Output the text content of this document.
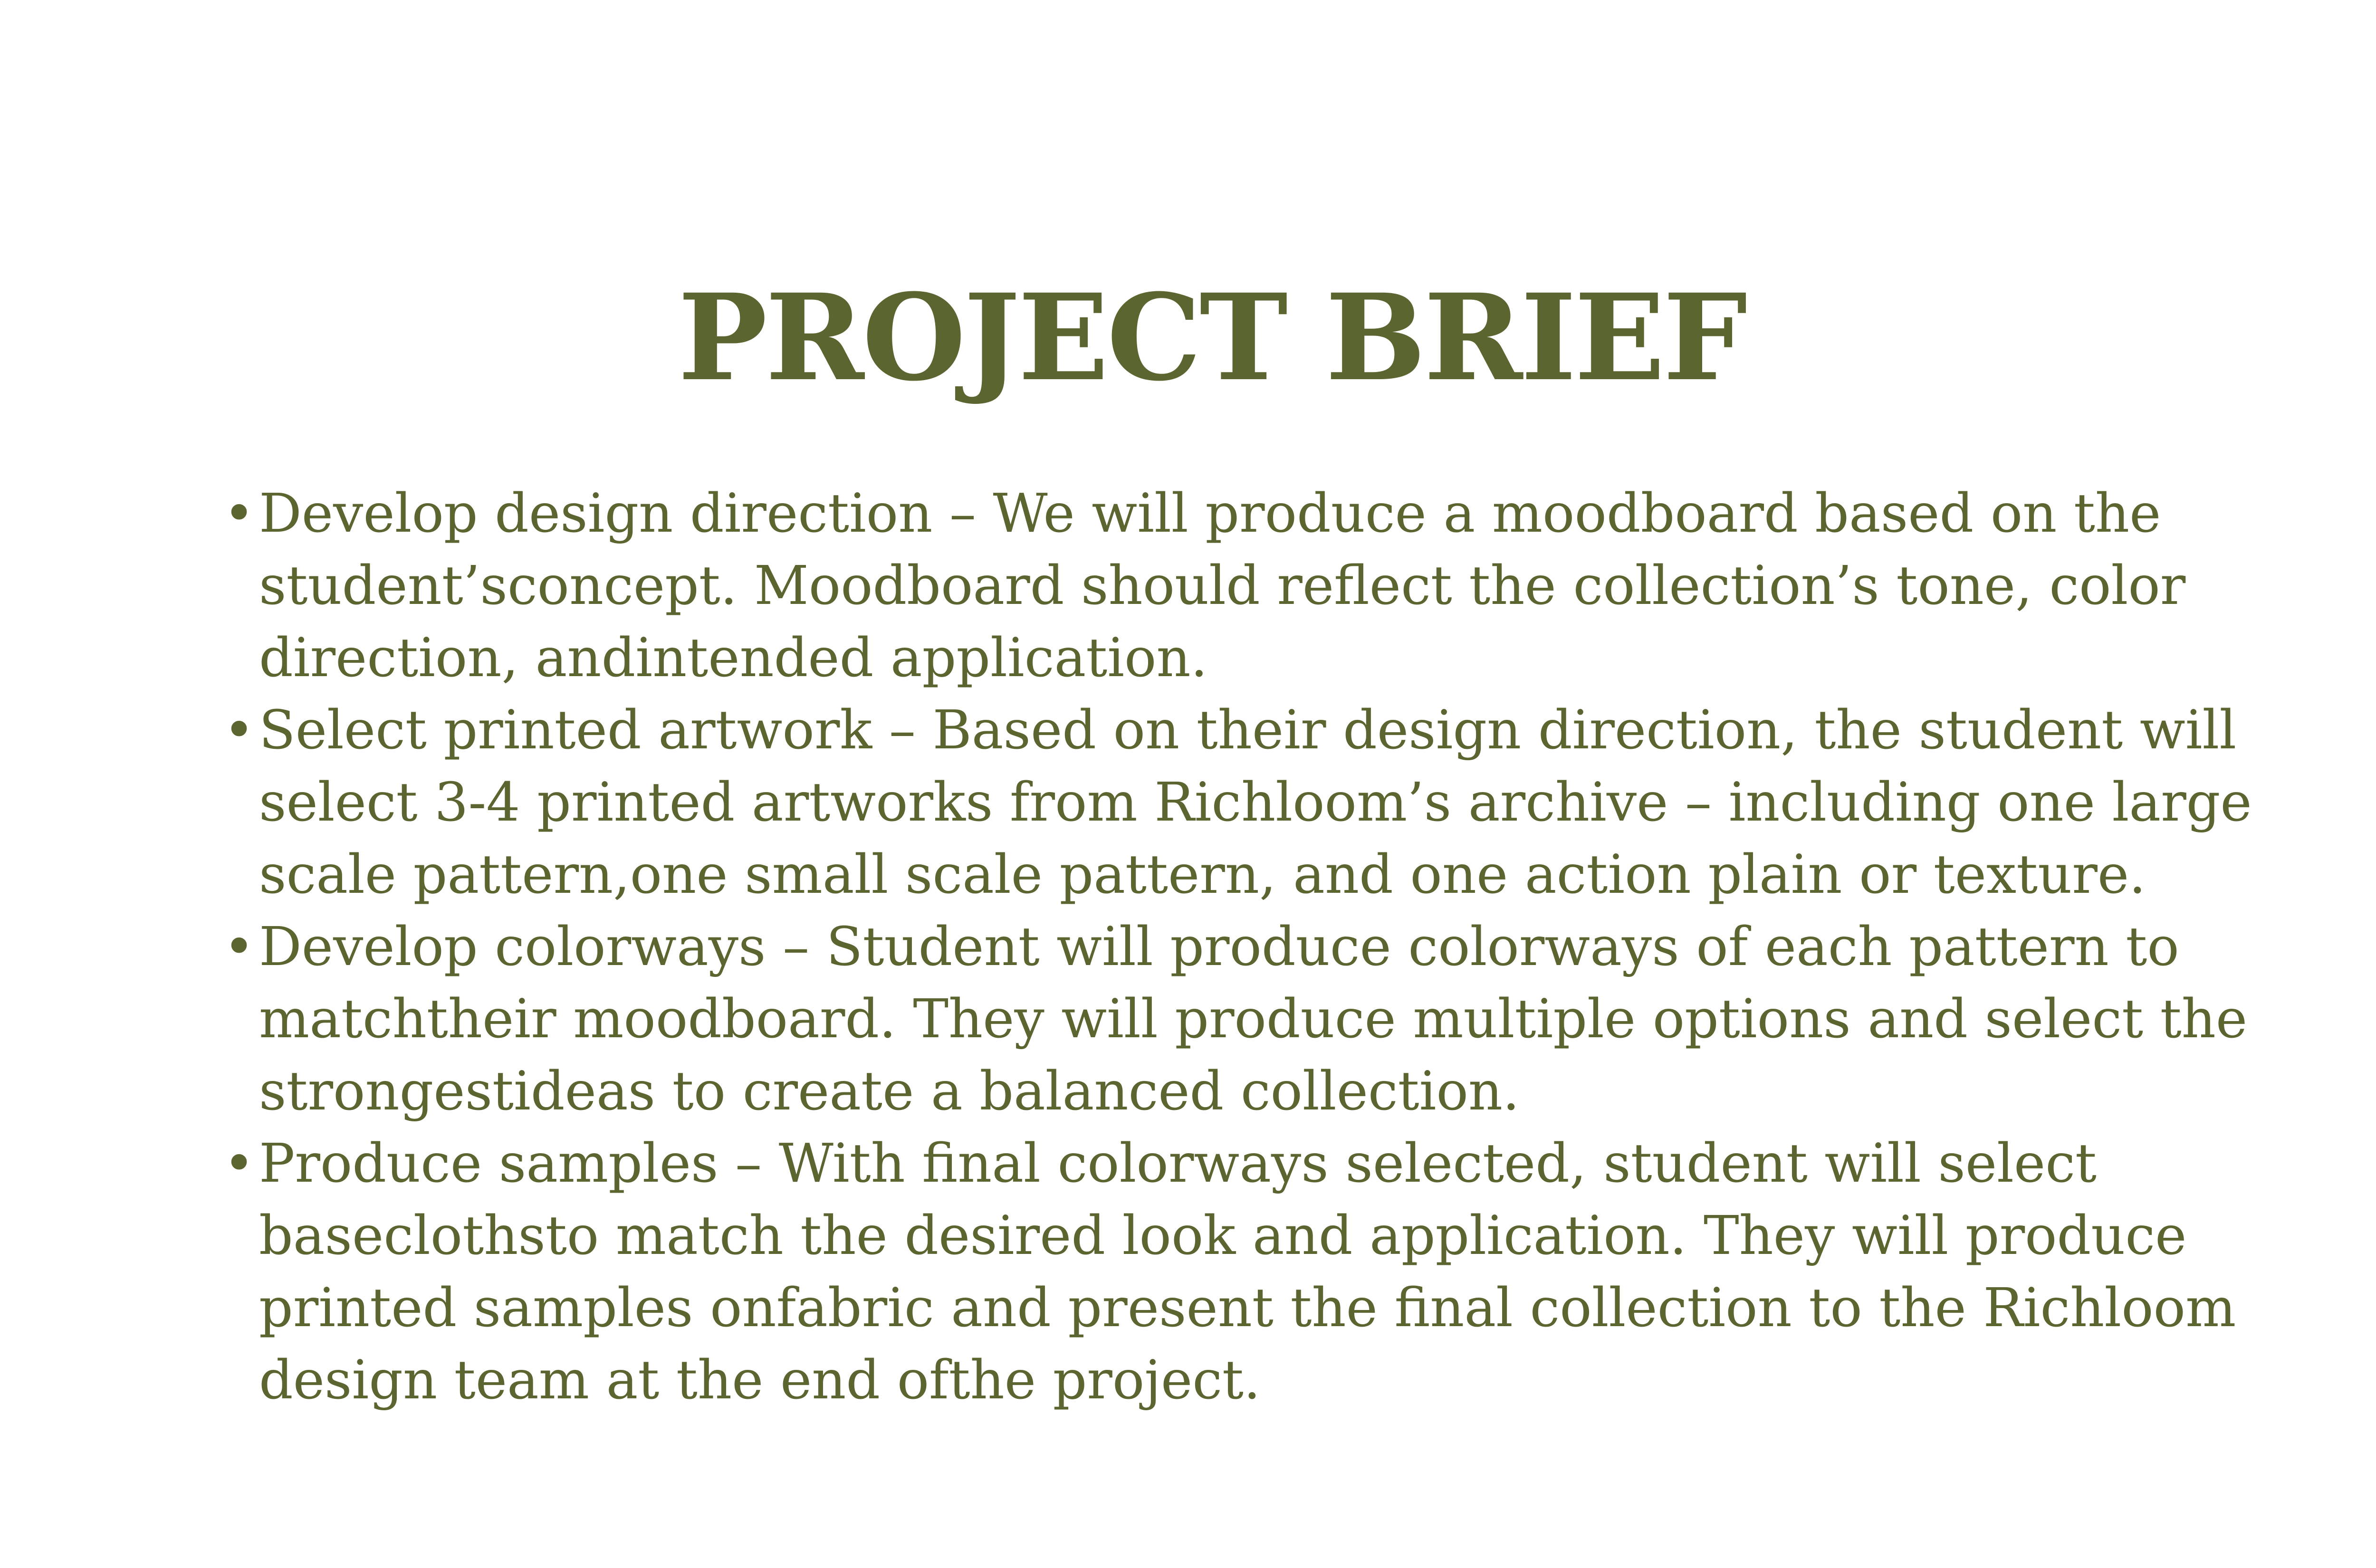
PROJECT BRIEF
• Develop design direction – We will produce a moodboard based on the student’sconcept. Moodboard should reflect the collection’s tone, color direction, andintended application.
• Select printed artwork – Based on their design direction, the student will select 3-4 printed artworks from Richloom’s archive – including one large scale pattern,one small scale pattern, and one action plain or texture.
• Develop colorways – Student will produce colorways of each pattern to matchtheir moodboard. They will produce multiple options and select the strongestideas to create a balanced collection.
• Produce samples – With final colorways selected, student will select baseclothsto match the desired look and application. They will produce printed samples onfabric and present the final collection to the Richloom design team at the end ofthe project.
